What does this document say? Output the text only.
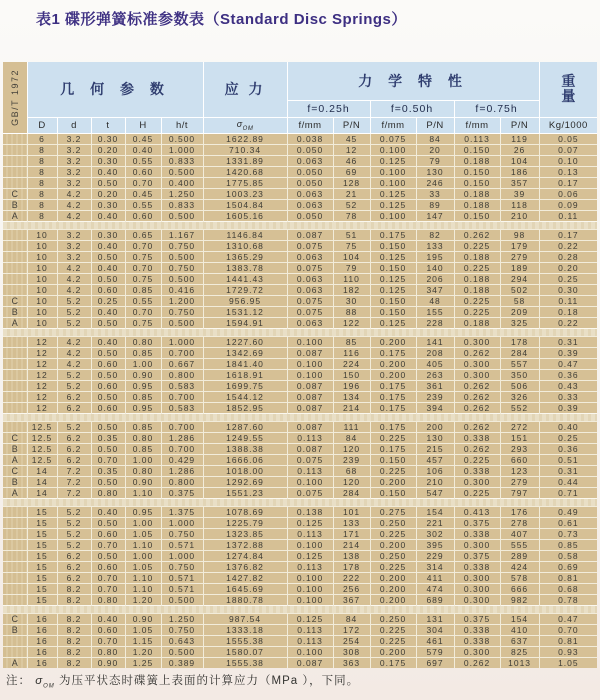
表1 碟形弹簧标准参数表（Standard Disc Springs）
GB/T 1972	几 何 参 数					应 力	力 学 特 性						重
量

							f=0.25h		f=0.50h		f=0.75h		
	D	d	t	H	h/t	$\sigma_{OM}$	f/mm	P/N	f/mm	P/N	f/mm	P/N	Kg/1000
	6	3.2	0.30	0.45	0.500	1622.89	0.038	45	0.075	84	0.113	119	0.05
	8	3.2	0.20	0.40	1.000	710.34	0.050	12	0.100	20	0.150	26	0.07
	8	3.2	0.30	0.55	0.833	1331.89	0.063	46	0.125	79	0.188	104	0.10
	8	3.2	0.40	0.60	0.500	1420.68	0.050	69	0.100	130	0.150	186	0.13
	8	3.2	0.50	0.70	0.400	1775.85	0.050	128	0.100	246	0.150	357	0.17
C	8	4.2	0.20	0.45	1.250	1003.23	0.063	21	0.125	33	0.188	39	0.06
B	8	4.2	0.30	0.55	0.833	1504.84	0.063	52	0.125	89	0.188	118	0.09
A	8	4.2	0.40	0.60	0.500	1605.16	0.050	78	0.100	147	0.150	210	0.11

	10	3.2	0.30	0.65	1.167	1146.84	0.087	51	0.175	82	0.262	98	0.17
	10	3.2	0.40	0.70	0.750	1310.68	0.075	75	0.150	133	0.225	179	0.22
	10	3.2	0.50	0.75	0.500	1365.29	0.063	104	0.125	195	0.188	279	0.28
	10	4.2	0.40	0.70	0.750	1383.78	0.075	79	0.150	140	0.225	189	0.20
	10	4.2	0.50	0.75	0.500	1441.43	0.063	110	0.125	206	0.188	294	0.25
	10	4.2	0.60	0.85	0.416	1729.72	0.063	182	0.125	347	0.188	502	0.30
C	10	5.2	0.25	0.55	1.200	956.95	0.075	30	0.150	48	0.225	58	0.11
B	10	5.2	0.40	0.70	0.750	1531.12	0.075	88	0.150	155	0.225	209	0.18
A	10	5.2	0.50	0.75	0.500	1594.91	0.063	122	0.125	228	0.188	325	0.22

	12	4.2	0.40	0.80	1.000	1227.60	0.100	85	0.200	141	0.300	178	0.31
	12	4.2	0.50	0.85	0.700	1342.69	0.087	116	0.175	208	0.262	284	0.39
	12	4.2	0.60	1.00	0.667	1841.40	0.100	224	0.200	405	0.300	557	0.47
	12	5.2	0.50	0.90	0.800	1618.91	0.100	150	0.200	263	0.300	350	0.36
	12	5.2	0.60	0.95	0.583	1699.75	0.087	196	0.175	361	0.262	506	0.43
	12	6.2	0.50	0.85	0.700	1544.12	0.087	134	0.175	239	0.262	326	0.33
	12	6.2	0.60	0.95	0.583	1852.95	0.087	214	0.175	394	0.262	552	0.39

	12.5	5.2	0.50	0.85	0.700	1287.60	0.087	111	0.175	200	0.262	272	0.40
C	12.5	6.2	0.35	0.80	1.286	1249.55	0.113	84	0.225	130	0.338	151	0.25
B	12.5	6.2	0.50	0.85	0.700	1388.38	0.087	120	0.175	215	0.262	293	0.36
A	12.5	6.2	0.70	1.00	0.429	1666.06	0.075	239	0.150	457	0.225	660	0.51
C	14	7.2	0.35	0.80	1.286	1018.00	0.113	68	0.225	106	0.338	123	0.31
B	14	7.2	0.50	0.90	0.800	1292.69	0.100	120	0.200	210	0.300	279	0.44
A	14	7.2	0.80	1.10	0.375	1551.23	0.075	284	0.150	547	0.225	797	0.71

	15	5.2	0.40	0.95	1.375	1078.69	0.138	101	0.275	154	0.413	176	0.49
	15	5.2	0.50	1.00	1.000	1225.79	0.125	133	0.250	221	0.375	278	0.61
	15	5.2	0.60	1.05	0.750	1323.85	0.113	171	0.225	302	0.338	407	0.73
	15	5.2	0.70	1.10	0.571	1372.88	0.100	214	0.200	395	0.300	555	0.85
	15	6.2	0.50	1.00	1.000	1274.84	0.125	138	0.250	229	0.375	289	0.58
	15	6.2	0.60	1.05	0.750	1376.82	0.113	178	0.225	314	0.338	424	0.69
	15	6.2	0.70	1.10	0.571	1427.82	0.100	222	0.200	411	0.300	578	0.81
	15	8.2	0.70	1.10	0.571	1645.69	0.100	256	0.200	474	0.300	666	0.68
	15	8.2	0.80	1.20	0.500	1880.78	0.100	367	0.200	689	0.300	982	0.78

C	16	8.2	0.40	0.90	1.250	987.54	0.125	84	0.250	131	0.375	154	0.47
B	16	8.2	0.60	1.05	0.750	1333.18	0.113	172	0.225	304	0.338	410	0.70
	16	8.2	0.70	1.15	0.643	1555.38	0.113	254	0.225	461	0.338	637	0.81
	16	8.2	0.80	1.20	0.500	1580.07	0.100	308	0.200	579	0.300	825	0.93
A	16	8.2	0.90	1.25	0.389	1555.38	0.087	363	0.175	697	0.262	1013	1.05
注： $\sigma_{OM}$ 为压平状态时碟簧上表面的计算应力（MPa ），下同。
